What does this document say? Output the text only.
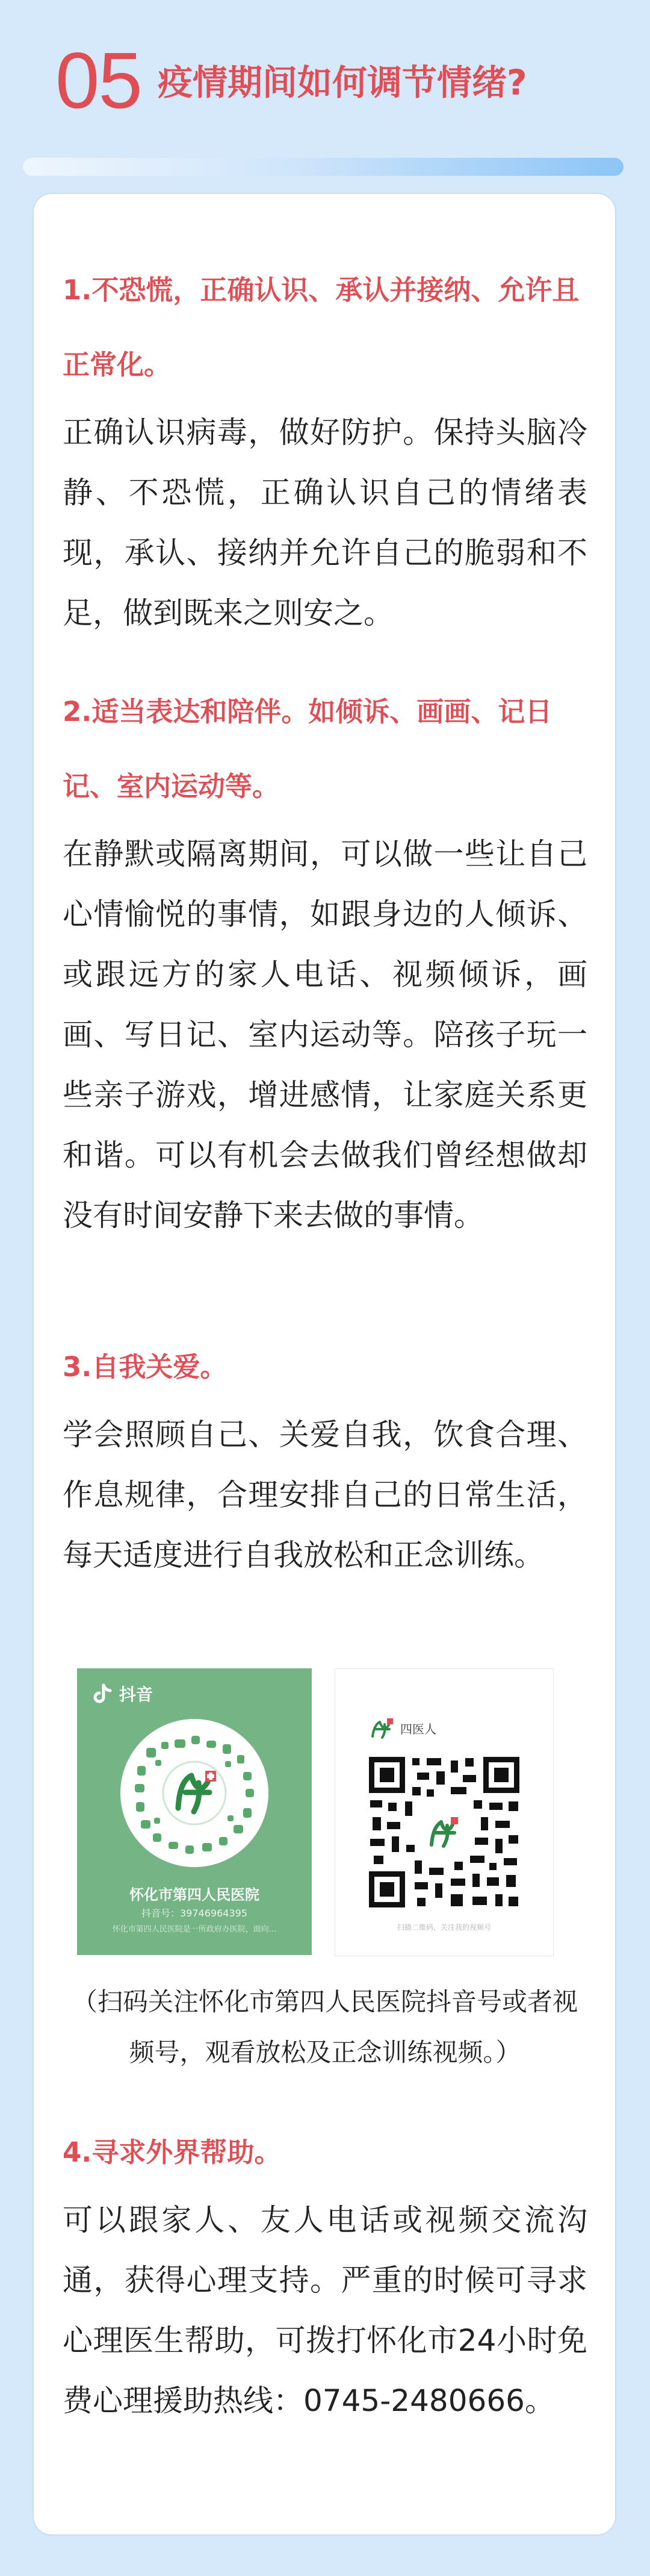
05 疫情期间如何调节情绪?

1.不恐慌，正确认识、承认并接纳、允许且正常化。

正确认识病毒，做好防护。保持头脑冷静、不恐慌，正确认识自己的情绪表现，承认、接纳并允许自己的脆弱和不足，做到既来之则安之。

2.适当表达和陪伴。如倾诉、画画、记日记、室内运动等。

在静默或隔离期间，可以做一些让自己心情愉悦的事情，如跟身边的人倾诉、或跟远方的家人电话、视频倾诉，画画、写日记、室内运动等。陪孩子玩一些亲子游戏，增进感情，让家庭关系更和谐。可以有机会去做我们曾经想做却没有时间安静下来去做的事情。

3.自我关爱。

学会照顾自己、关爱自我，饮食合理、作息规律，合理安排自己的日常生活，每天适度进行自我放松和正念训练。

抖音
怀化市第四人民医院
抖音号：39746964395
怀化市第四人民医院是一所政府办医院，面向...
四医人
扫描二维码，关注我的视频号
（扫码关注怀化市第四人民医院抖音号或者视频号，观看放松及正念训练视频。）

4.寻求外界帮助。

可以跟家人、友人电话或视频交流沟通，获得心理支持。严重的时候可寻求心理医生帮助，可拨打怀化市24小时免费心理援助热线：0745-2480666。
